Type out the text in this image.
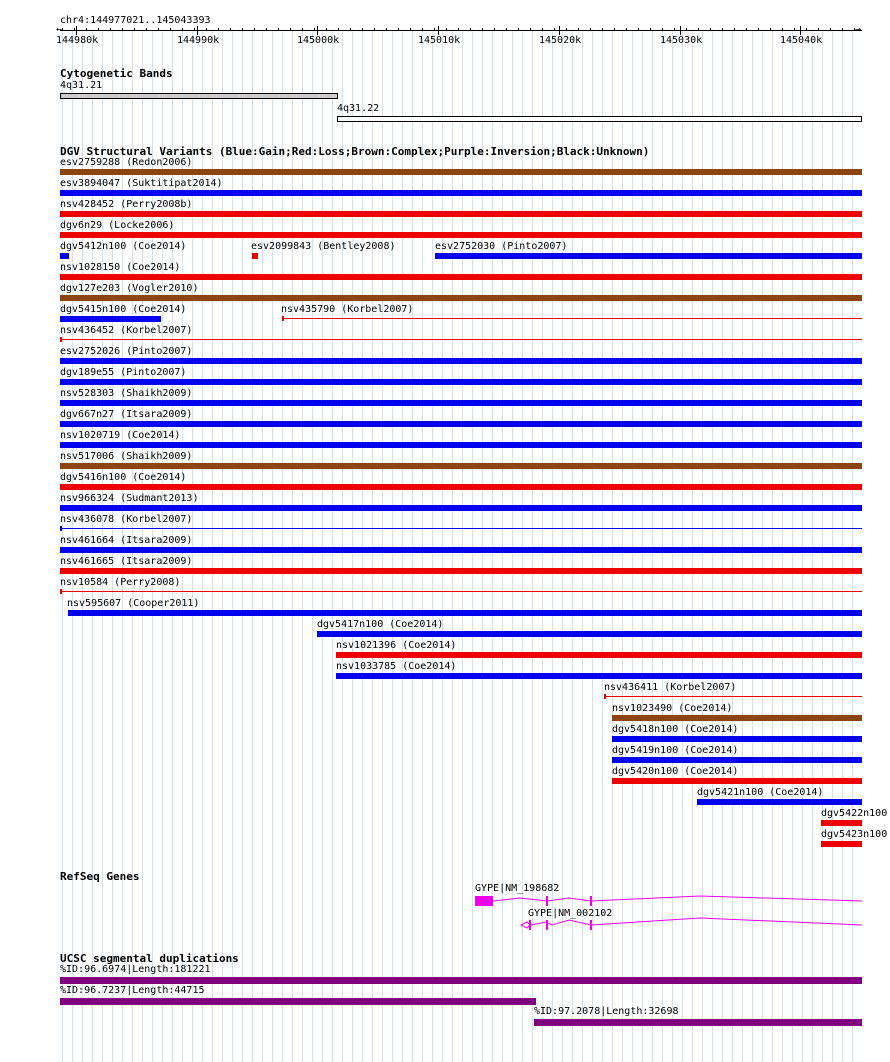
chr4:144977021..145043393
144980k	144990k	145000k	145010k	145020k	145030k	145040k
←	→
Cytogenetic Bands
4q31.21
4q31.22
DGV Structural Variants (Blue:Gain;Red:Loss;Brown:Complex;Purple:Inversion;Black:Unknown)
esv2759288 (Redon2006)
esv3894047 (Suktitipat2014)
nsv428452 (Perry2008b)
dgv6n29 (Locke2006)
dgv5412n100 (Coe2014)	esv2099843 (Bentley2008)	esv2752030 (Pinto2007)
nsv1028150 (Coe2014)
dgv127e203 (Vogler2010)
dgv5415n100 (Coe2014)	nsv435790 (Korbel2007)
nsv436452 (Korbel2007)
esv2752026 (Pinto2007)
dgv189e55 (Pinto2007)
nsv528303 (Shaikh2009)
dgv667n27 (Itsara2009)
nsv1020719 (Coe2014)
nsv517006 (Shaikh2009)
dgv5416n100 (Coe2014)
nsv966324 (Sudmant2013)
nsv436078 (Korbel2007)
nsv461664 (Itsara2009)
nsv461665 (Itsara2009)
nsv10584 (Perry2008)
nsv595607 (Cooper2011)
dgv5417n100 (Coe2014)
nsv1021396 (Coe2014)
nsv1033785 (Coe2014)
nsv436411 (Korbel2007)
nsv1023490 (Coe2014)
dgv5418n100 (Coe2014)
dgv5419n100 (Coe2014)
dgv5420n100 (Coe2014)
dgv5421n100 (Coe2014)
dgv5422n100
dgv5423n100
RefSeq Genes
GYPE|NM_198682
GYPE|NM_002102
UCSC segmental duplications
%ID:96.6974|Length:181221
%ID:96.7237|Length:44715
%ID:97.2078|Length:32698
